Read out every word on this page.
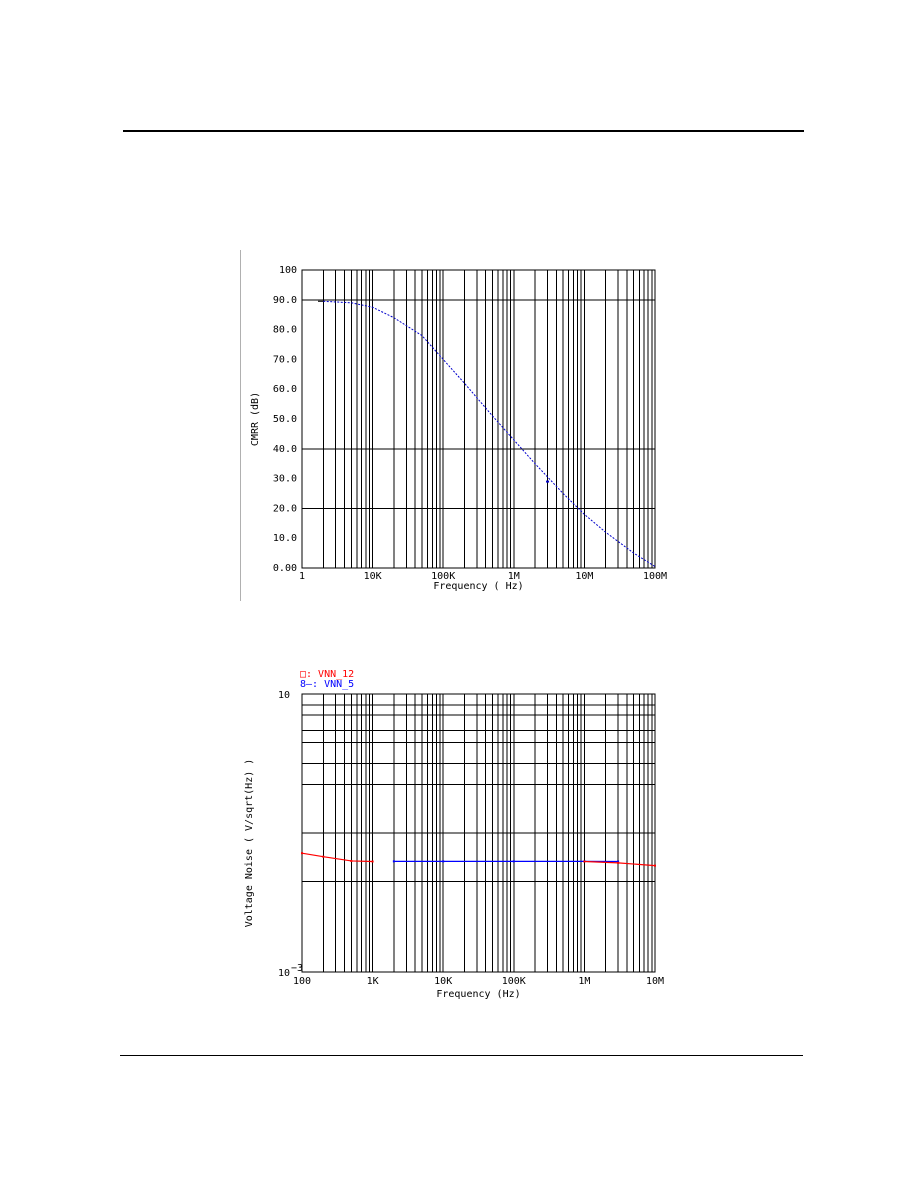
0.00
10.0
20.0
30.0
40.0
50.0
60.0
70.0
80.0
90.0
100
1	10K	100K	1M	10M	100M
Frequency ( Hz)
CMRR (dB)
10
10 −3
100	1K	10K	100K	1M	10M
Frequency (Hz)
Voltage Noise ( V/sqrt(Hz) )
□: VNN_12
8–: VNN_5
